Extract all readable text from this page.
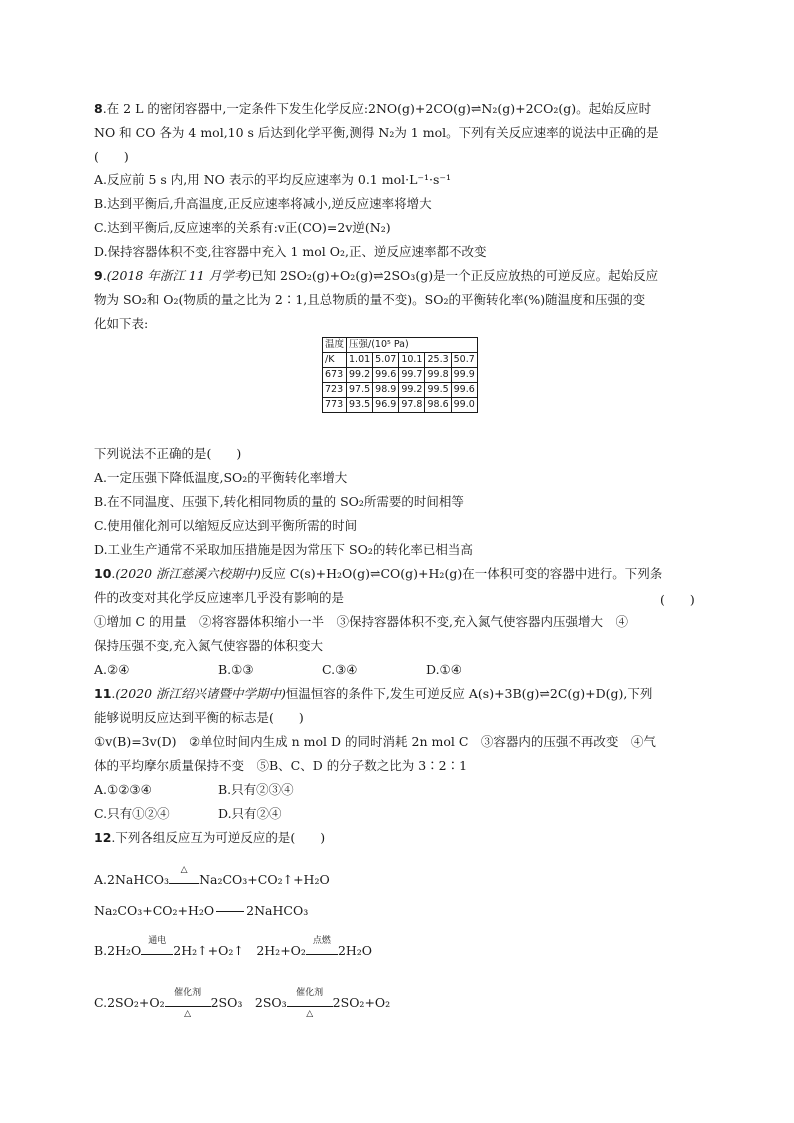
8.在 2 L 的密闭容器中,一定条件下发生化学反应:2NO(g)+2CO(g)⇌N₂(g)+2CO₂(g)。起始反应时
NO 和 CO 各为 4 mol,10 s 后达到化学平衡,测得 N₂为 1 mol。下列有关反应速率的说法中正确的是
(　　)
A.反应前 5 s 内,用 NO 表示的平均反应速率为 0.1 mol·L⁻¹·s⁻¹
B.达到平衡后,升高温度,正反应速率将减小,逆反应速率将增大
C.达到平衡后,反应速率的关系有:v正(CO)=2v逆(N₂)
D.保持容器体积不变,往容器中充入 1 mol O₂,正、逆反应速率都不改变
9.(2018 年浙江 11 月学考)已知 2SO₂(g)+O₂(g)⇌2SO₃(g)是一个正反应放热的可逆反应。起始反应
物为 SO₂和 O₂(物质的量之比为 2∶1,且总物质的量不变)。SO₂的平衡转化率(%)随温度和压强的变
化如下表:
温度	压强/(10⁵ Pa)				
/K	1.01	5.07	10.1	25.3	50.7
673	99.2	99.6	99.7	99.8	99.9
723	97.5	98.9	99.2	99.5	99.6
773	93.5	96.9	97.8	98.6	99.0
下列说法不正确的是(　　)
A.一定压强下降低温度,SO₂的平衡转化率增大
B.在不同温度、压强下,转化相同物质的量的 SO₂所需要的时间相等
C.使用催化剂可以缩短反应达到平衡所需的时间
D.工业生产通常不采取加压措施是因为常压下 SO₂的转化率已相当高
10.(2020 浙江慈溪六校期中)反应 C(s)+H₂O(g)⇌CO(g)+H₂(g)在一体积可变的容器中进行。下列条
件的改变对其化学反应速率几乎没有影响的是	(　　)
①增加 C 的用量　②将容器体积缩小一半　③保持容器体积不变,充入氮气使容器内压强增大　④
保持压强不变,充入氮气使容器的体积变大
A.②④	B.①③	C.③④	D.①④
11.(2020 浙江绍兴诸暨中学期中)恒温恒容的条件下,发生可逆反应 A(s)+3B(g)⇌2C(g)+D(g),下列
能够说明反应达到平衡的标志是(　　)
①v(B)=3v(D)　②单位时间内生成 n mol D 的同时消耗 2n mol C　③容器内的压强不再改变　④气
体的平均摩尔质量保持不变　⑤B、C、D 的分子数之比为 3∶2∶1
A.①②③④	B.只有②③④
C.只有①②④	D.只有②④
12.下列各组反应互为可逆反应的是(　　)
A.2NaHCO₃
△
Na₂CO₃+CO₂↑+H₂O
Na₂CO₃+CO₂+H₂O	2NaHCO₃
B.2H₂O
通电
2H₂↑+O₂↑　2H₂+O₂
点燃
2H₂O
C.2SO₂+O₂
催化剂
△
2SO₃　2SO₃
催化剂
△
2SO₂+O₂
